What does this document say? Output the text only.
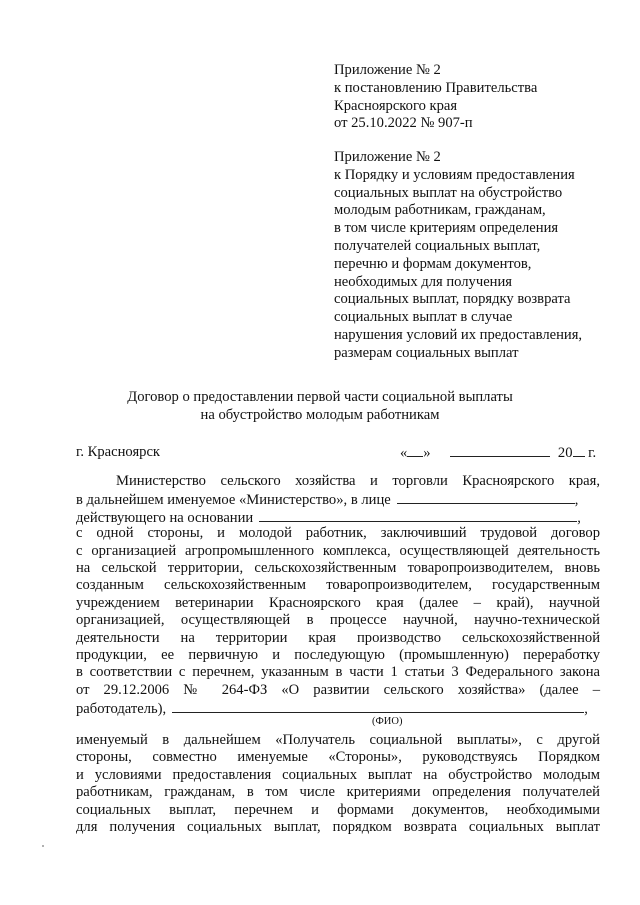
Приложение № 2
к постановлению Правительства
Красноярского края
от 25.10.2022 № 907-п
Приложение № 2
к Порядку и условиям предоставления
социальных выплат на обустройство
молодым работникам, гражданам,
в том числе критериям определения
получателей социальных выплат,
перечню и формам документов,
необходимых для получения
социальных выплат, порядку возврата
социальных выплат в случае
нарушения условий их предоставления,
размерам социальных выплат
Договор о предоставлении первой части социальной выплаты
на обустройство молодым работникам
г. Красноярск	« »	20 г.
Министерство сельского хозяйства и торговли Красноярского края,
в дальнейшем именуемое «Министерство», в лице	,
действующего на основании	,
с одной стороны, и молодой работник, заключивший трудовой договор
с организацией агропромышленного комплекса, осуществляющей деятельность
на сельской территории, сельскохозяйственным товаропроизводителем, вновь
созданным сельскохозяйственным товаропроизводителем, государственным
учреждением ветеринарии Красноярского края (далее – край), научной
организацией, осуществляющей в процессе научной, научно-технической
деятельности на территории края производство сельскохозяйственной
продукции, ее первичную и последующую (промышленную) переработку
в соответствии с перечнем, указанным в части 1 статьи 3 Федерального закона
от 29.12.2006 № 264-ФЗ «О развитии сельского хозяйства» (далее –
работодатель),	,
(ФИО)
именуемый в дальнейшем «Получатель социальной выплаты», с другой
стороны, совместно именуемые «Стороны», руководствуясь Порядком
и условиями предоставления социальных выплат на обустройство молодым
работникам, гражданам, в том числе критериями определения получателей
социальных выплат, перечнем и формами документов, необходимыми
для получения социальных выплат, порядком возврата социальных выплат
